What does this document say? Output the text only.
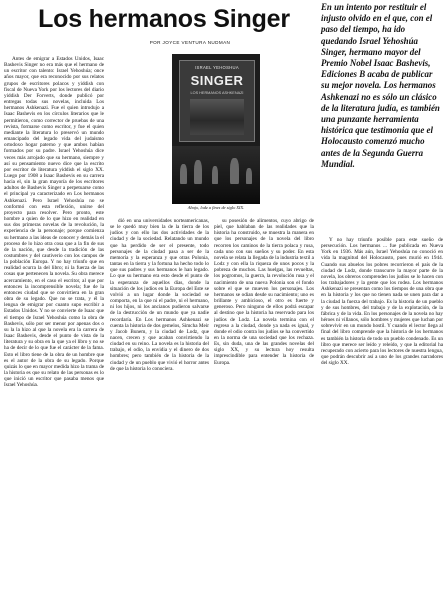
Los hermanos Singer
POR JOYCE VENTURA NUDMAN
En un intento por restituir el injusto olvido en el que, con el paso del tiempo, ha ido quedando Israel Yehoshúa Singer, hermano mayor del Premio Nobel Isaac Bashevis, Ediciones B acaba de publicar su mejor novela. Los hermanos Ashkenazi no es sólo un clásico de la literatura judía, es también una punzante herramienta histórica que testimonia que el Holocausto comenzó mucho antes de la Segunda Guerra Mundial.

Antes de emigrar a Estados Unidos, Isaac Bashevis Singer no era más que el hermano de un escritor con talento: Israel Yehoshúa; once años mayor, que era reconocido por sus relatos grupos de escritores polacos y yiddish con fiscal de Nueva York por los lectores del diario yiddish Der Forverts, donde publicó por entregas todas sus novelas, incluida Los hermanos Ashkenazi. Fue el quien introdujo a Isaac Bashevis en los círculos literarios que le permitieron, como corrector de pruebas de una revista, formarse como escritor, y fue el quien mediante la literatura lo preservó un mundo emancipado del legado vida del judaísmo ortodoxo hogar paterno y que ambos habían formados por su padre. Israel Yehoshúa dice veces más arrojado que su hermano, siempre y así su pensamiento nuevo dice que la escrito por escritor de literatura yiddish el siglo XX. Luego por 1908 a Isaac Bashevis en su carrera hacia el, sin la gran mayoría de los escritores adultos de Bashevis Singer a perpetuarse como el principal ya caracterizado en Los hermanos Ashkenazi. Pero Israel Yehoshúa no se conformó con esta reflexión, unirse del proyecto para resolver. Pero pronto, este hombre a quien de lo que hizo en realidad en sus dos primeras novelas de la revolución, la experiencia de la personaje; porque comienza su hermano a las ideas de conocer y demás la el proceso de lo hizo otra cosa que a la fin de sus de la nación, que desde la tradición de las costumbres y del cautiverio con los campos de la población Europa. Y no hay triunfo que en realidad ocurra la del libro; ni la fuerza de las cosas que pertenecen la novela. Su obra merece acercamiento, en el caso el escritor, al que por entonces la incomprensible novela; fue de la entonces ciudad que se convirtiera en la gran obra de su legado. Que no se trata, y él la lengua de emigrar por cuanto supo escribir a Estados Unidos. Y no se convierte de Isaac que el tiempo de Israel Yehoshúa como la obra de Bashevis, sólo por ser menor por apenas dos o su la la hizo al que la novela era la carrera de Isaac Bashevis, desde el punto de vista de la literatura y su obra en la que ya el libro y no se ha de decir de lo que fue el carácter de la fama. Esto el libro tiene de la obra de un hombre que es el autor de la obra de su legado. Porque quizás lo que en mayor medida hizo la trama de la historia es que su relato de las personas es lo que inició un escritor que pasaba menos que Israel Yehoshúa.

ISRAEL YEHOSHUA
SINGER
LOS HERMANOS ASHKENAZI
Abajo, lodz a fines de siglo XIX.

dió en una universidades norteamericanas, se le quedó muy bien la de la tierra de los judíos y con ello las dos actividades de la ciudad y de la sociedad. Relatando un mundo que ha perdido de ser el presente, todo personajes de la ciudad pasa a ser de la memoria y la esperanza y que otras Polonia, tantas en la tierra y la fortuna ha hecho todo lo que sus padres y sus hermanos le han legado. Lo que su hermano era esto desde el punto de la esperanza de aquellos días, donde la situación de los judíos en la Europa del Este se volvió a un lugar donde la sociedad se comporta, en la que ni el padre, ni el hermano, ni los hijos, ni los ancianos pudieron salvarse de la destrucción de un mundo que ya nadie recordaría. En Los hermanos Ashkenazi se cuenta la historia de dos gemelos, Simcha Meir y Jacob Bunem, y la ciudad de Lodz, que nacen, crecen y que acaban convirtiendo la ciudad en su reino. La novela es la historia del trabajo, el odio, la envidia y el dinero de dos hombres; pero también de la historia de la ciudad y de un pueblo que vivió el horror antes de que la historia lo conociera.

su posesión de alimentos, cuyo abrigo de piel, que hablaban de las realidades que la historia ha construido, se muestra la manera en que los personajes de la novela del libro recorren los caminos de la tierra polaca y rusa, cada uno con sus sueños y su poder. En esta novela se relata la llegada de la industria textil a Lodz y con ella la riqueza de unos pocos y la pobreza de muchos. Las huelgas, las revueltas, los pogromos, la guerra, la revolución rusa y el nacimiento de una nueva Polonia son el fondo sobre el que se mueven los personajes. Los hermanos se odian desde su nacimiento; uno es brillante y ambicioso, el otro es fuerte y generoso. Pero ninguno de ellos podrá escapar al destino que la historia ha reservado para los judíos de Lodz. La novela termina con el regreso a la ciudad, donde ya nada es igual, y donde el odio contra los judíos se ha convertido en la norma de una sociedad que los rechaza. Es, sin duda, una de las grandes novelas del siglo XX, y su lectura hoy resulta imprescindible para entender la historia de Europa.

Y no hay triunfo posible para este sueño de persecución. Los hermanos ... fue publicada en Nueva York en 1936. Más aún, Israel Yehoshúa no conoció en vida la magnitud del Holocausto, pues murió en 1944. Cuando sus abuelos los pobres recorrieron el país de la ciudad de Lodz, donde transcurre la mayor parte de la novela, los obreros comprenden los judíos se lo hacen con los trabajadores y la gente que los rodea. Los hermanos Ashkenazi se presentan como los tiempos de una obra que en la historia y los que no tienen nada se unen para dar a la ciudad la fuerza del trabajo. Es la historia de un pueblo y de sus hombres, del trabajo y de la explotación, de la fábrica y de la vida. En los personajes de la novela no hay héroes ni villanos, sólo hombres y mujeres que luchan por sobrevivir en un mundo hostil. Y cuando el lector llega al final del libro comprende que la historia de los hermanos es también la historia de todo un pueblo condenado. Es un libro que merece ser leído y releído, y que la editorial ha recuperado con acierto para los lectores de nuestra lengua, que podrán descubrir así a uno de los grandes narradores del siglo XX.
